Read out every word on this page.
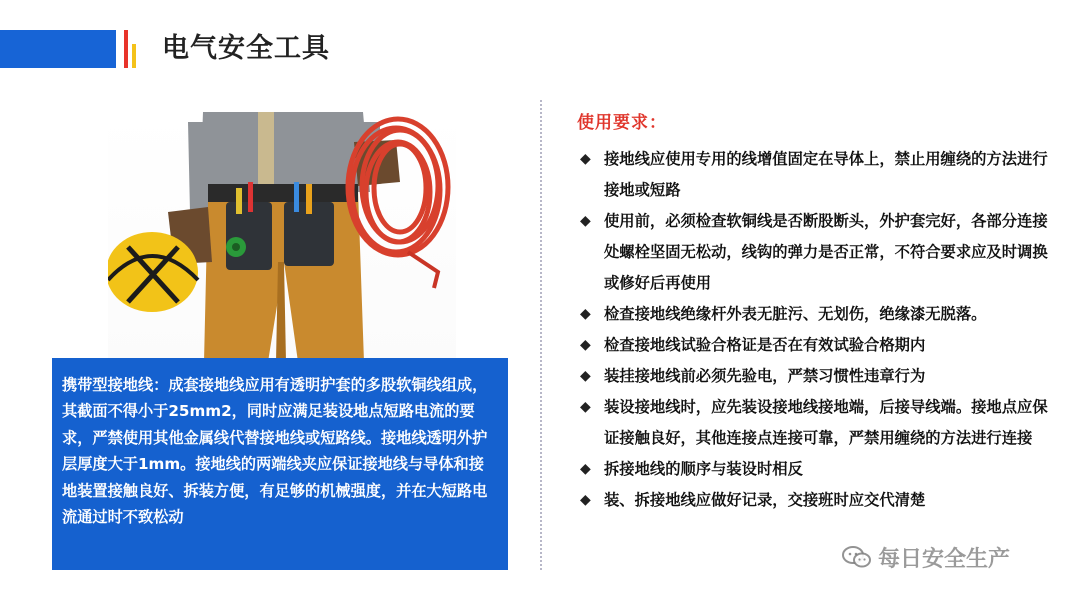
电气安全工具
携带型接地线：成套接地线应用有透明护套的多股软铜线组成，其截面不得小于25mm2，同时应满足装设地点短路电流的要求，严禁使用其他金属线代替接地线或短路线。接地线透明外护层厚度大于1mm。接地线的两端线夹应保证接地线与导体和接地装置接触良好、拆装方便，有足够的机械强度，并在大短路电流通过时不致松动
使用要求：
◆ 接地线应使用专用的线增值固定在导体上，禁止用缠绕的方法进行接地或短路
◆ 使用前，必须检查软铜线是否断股断头，外护套完好，各部分连接处螺栓坚固无松动，线钩的弹力是否正常，不符合要求应及时调换或修好后再使用
◆ 检查接地线绝缘杆外表无脏污、无划伤，绝缘漆无脱落。
◆ 检查接地线试验合格证是否在有效试验合格期内
◆ 装挂接地线前必须先验电，严禁习惯性违章行为
◆ 装设接地线时，应先装设接地线接地端，后接导线端。接地点应保证接触良好，其他连接点连接可靠，严禁用缠绕的方法进行连接
◆ 拆接地线的顺序与装设时相反
◆ 装、拆接地线应做好记录，交接班时应交代清楚
每日安全生产
